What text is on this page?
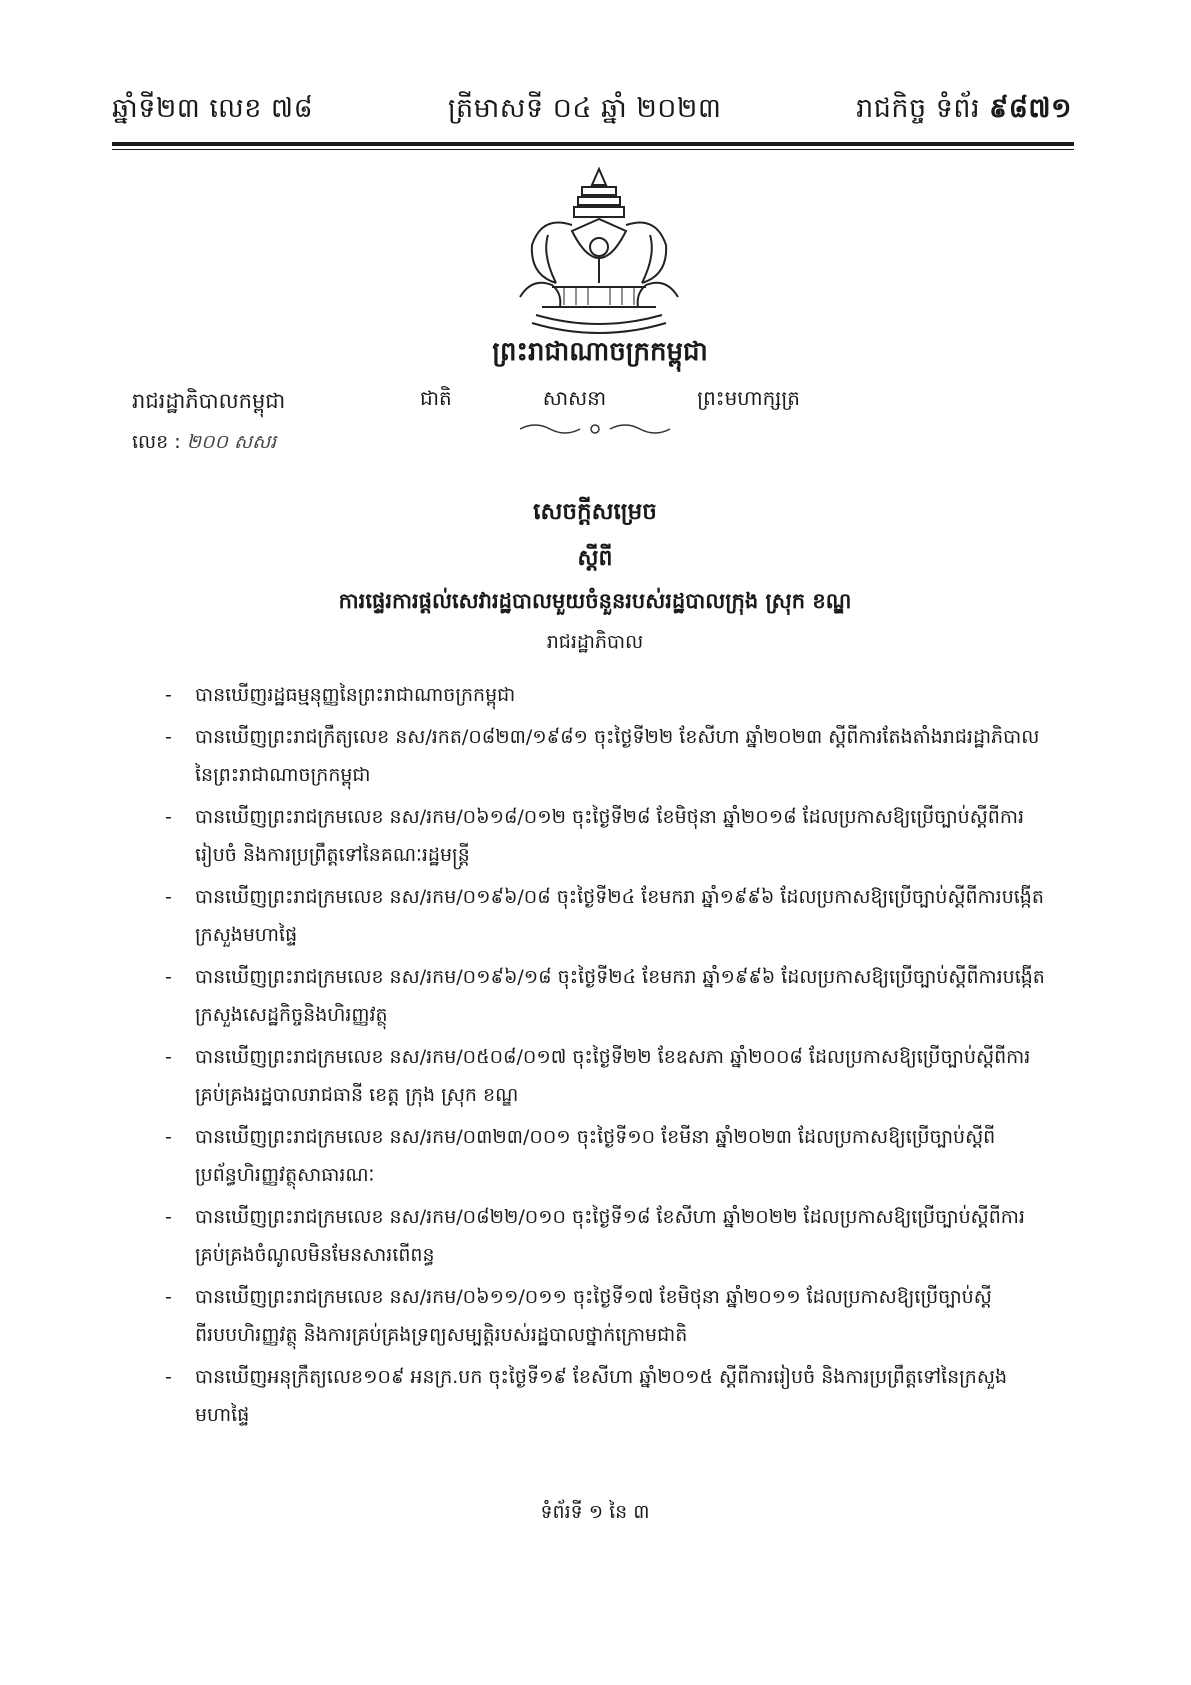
ឆ្នាំទី២៣ លេខ ៧៨	ត្រីមាសទី ០៤ ឆ្នាំ ២០២៣	រាជកិច្ច ទំព័រ ៩៨៧១
ព្រះរាជាណាចក្រកម្ពុជា
ជាតិ	សាសនា	ព្រះមហាក្សត្រ
រាជរដ្ឋាភិបាលកម្ពុជា
លេខ : ២០០ សសរ
សេចក្តីសម្រេច
ស្តីពី
ការផ្ទេរការផ្តល់សេវារដ្ឋបាលមួយចំនួនរបស់រដ្ឋបាលក្រុង ស្រុក ខណ្ឌ
រាជរដ្ឋាភិបាល
- បានឃើញរដ្ឋធម្មនុញ្ញនៃព្រះរាជាណាចក្រកម្ពុជា
- បានឃើញព្រះរាជក្រឹត្យលេខ នស/រកត/០៨២៣/១៩៨១ ចុះថ្ងៃទី២២ ខែសីហា ឆ្នាំ២០២៣ ស្តីពីការតែងតាំងរាជរដ្ឋាភិបាល នៃព្រះរាជាណាចក្រកម្ពុជា
- បានឃើញព្រះរាជក្រមលេខ នស/រកម/០៦១៨/០១២ ចុះថ្ងៃទី២៨ ខែមិថុនា ឆ្នាំ២០១៨ ដែលប្រកាសឱ្យប្រើច្បាប់ស្តីពីការរៀបចំ និងការប្រព្រឹត្តទៅនៃគណៈរដ្ឋមន្ត្រី
- បានឃើញព្រះរាជក្រមលេខ នស/រកម/០១៩៦/០៨ ចុះថ្ងៃទី២៤ ខែមករា ឆ្នាំ១៩៩៦ ដែលប្រកាសឱ្យប្រើច្បាប់ស្តីពីការបង្កើតក្រសួងមហាផ្ទៃ
- បានឃើញព្រះរាជក្រមលេខ នស/រកម/០១៩៦/១៨ ចុះថ្ងៃទី២៤ ខែមករា ឆ្នាំ១៩៩៦ ដែលប្រកាសឱ្យប្រើច្បាប់ស្តីពីការបង្កើតក្រសួងសេដ្ឋកិច្ចនិងហិរញ្ញវត្ថុ
- បានឃើញព្រះរាជក្រមលេខ នស/រកម/០៥០៨/០១៧ ចុះថ្ងៃទី២២ ខែឧសភា ឆ្នាំ២០០៨ ដែលប្រកាសឱ្យប្រើច្បាប់ស្តីពីការគ្រប់គ្រងរដ្ឋបាលរាជធានី ខេត្ត ក្រុង ស្រុក ខណ្ឌ
- បានឃើញព្រះរាជក្រមលេខ នស/រកម/០៣២៣/០០១ ចុះថ្ងៃទី១០ ខែមីនា ឆ្នាំ២០២៣ ដែលប្រកាសឱ្យប្រើច្បាប់ស្តីពីប្រព័ន្ធហិរញ្ញវត្ថុសាធារណៈ
- បានឃើញព្រះរាជក្រមលេខ នស/រកម/០៨២២/០១០ ចុះថ្ងៃទី១៨ ខែសីហា ឆ្នាំ២០២២ ដែលប្រកាសឱ្យប្រើច្បាប់ស្តីពីការគ្រប់គ្រងចំណូលមិនមែនសារពើពន្ធ
- បានឃើញព្រះរាជក្រមលេខ នស/រកម/០៦១១/០១១ ចុះថ្ងៃទី១៧ ខែមិថុនា ឆ្នាំ២០១១ ដែលប្រកាសឱ្យប្រើច្បាប់ស្តីពីរបបហិរញ្ញវត្ថុ និងការគ្រប់គ្រងទ្រព្យសម្បត្តិរបស់រដ្ឋបាលថ្នាក់ក្រោមជាតិ
- បានឃើញអនុក្រឹត្យលេខ១០៩ អនក្រ.បក ចុះថ្ងៃទី១៩ ខែសីហា ឆ្នាំ២០១៥ ស្តីពីការរៀបចំ និងការប្រព្រឹត្តទៅនៃក្រសួងមហាផ្ទៃ
ទំព័រទី ១ នៃ ៣
